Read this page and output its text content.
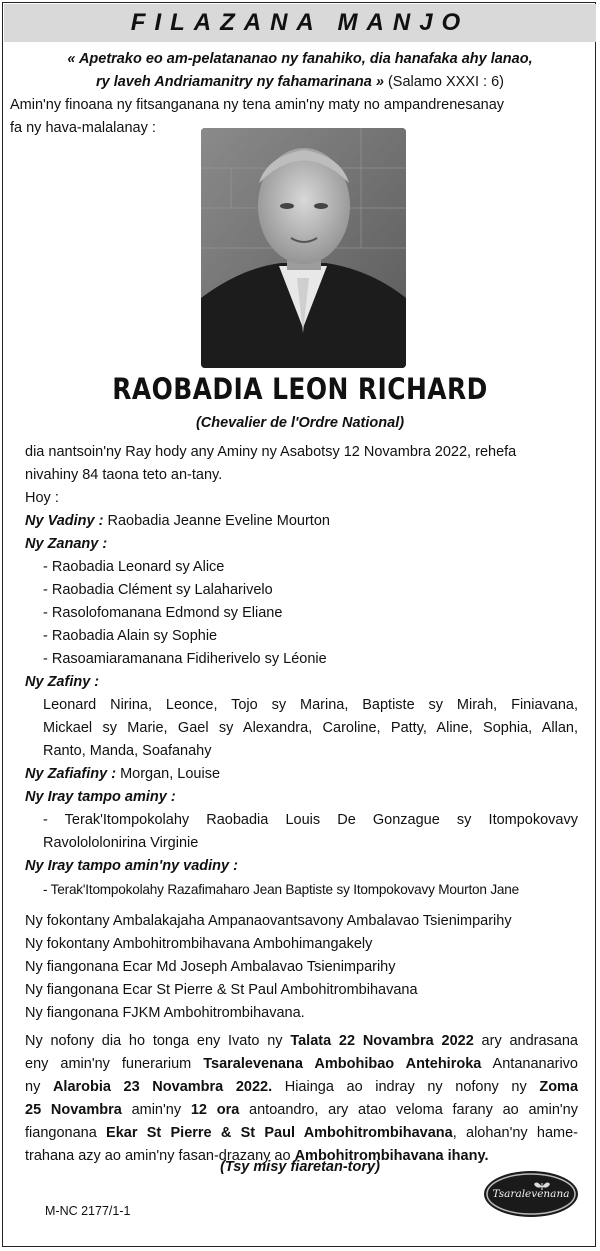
FILAZANA MANJO
« Apetrako eo am-pelatananao ny fanahiko, dia hanafaka ahy lanao,
ry laveh Andriamanitry ny fahamarinana » (Salamo XXXI : 6)
Amin'ny finoana ny fitsanganana ny tena amin'ny maty no ampandrenesanay
fa ny hava-malalanay :
RAOBADIA LEON RICHARD
(Chevalier de l'Ordre National)
dia nantsoin'ny Ray hody any Aminy ny Asabotsy 12 Novambra 2022, rehefa
nivahiny 84 taona teto an-tany.
Hoy :
Ny Vadiny : Raobadia Jeanne Eveline Mourton
Ny Zanany :
- Raobadia Leonard sy Alice
- Raobadia Clément sy Lalaharivelo
- Rasolofomanana Edmond sy Eliane
- Raobadia Alain sy Sophie
- Rasoamiaramanana Fidiherivelo sy Léonie
Ny Zafiny :
Leonard Nirina, Leonce, Tojo sy Marina, Baptiste sy Mirah, Finiavana,
Mickael sy Marie, Gael sy Alexandra, Caroline, Patty, Aline, Sophia, Allan,
Ranto, Manda, Soafanahy
Ny Zafiafiny : Morgan, Louise
Ny Iray tampo aminy :
- Terak'Itompokolahy Raobadia Louis De Gonzague sy Itompokovavy
Ravolololonirina Virginie
Ny Iray tampo amin'ny vadiny :
- Terak'Itompokolahy Razafimaharo Jean Baptiste sy Itompokovavy Mourton Jane
Ny fokontany Ambalakajaha Ampanaovantsavony Ambalavao Tsienimparihy
Ny fokontany Ambohitrombihavana Ambohimangakely
Ny fiangonana Ecar Md Joseph Ambalavao Tsienimparihy
Ny fiangonana Ecar St Pierre & St Paul Ambohitrombihavana
Ny fiangonana FJKM Ambohitrombihavana.
Ny nofony dia ho tonga eny Ivato ny Talata 22 Novambra 2022 ary andrasana
eny amin'ny funerarium Tsaralevenana Ambohibao Antehiroka Antananarivo
ny Alarobia 23 Novambra 2022. Hiainga ao indray ny nofony ny Zoma
25 Novambra amin'ny 12 ora antoandro, ary atao veloma farany ao amin'ny
fiangonana Ekar St Pierre & St Paul Ambohitrombihavana, alohan'ny hame-
trahana azy ao amin'ny fasan-drazany ao Ambohitrombihavana ihany.
(Tsy misy fiaretan-tory)
M-NC 2177/1-1
Tsaralevenana
